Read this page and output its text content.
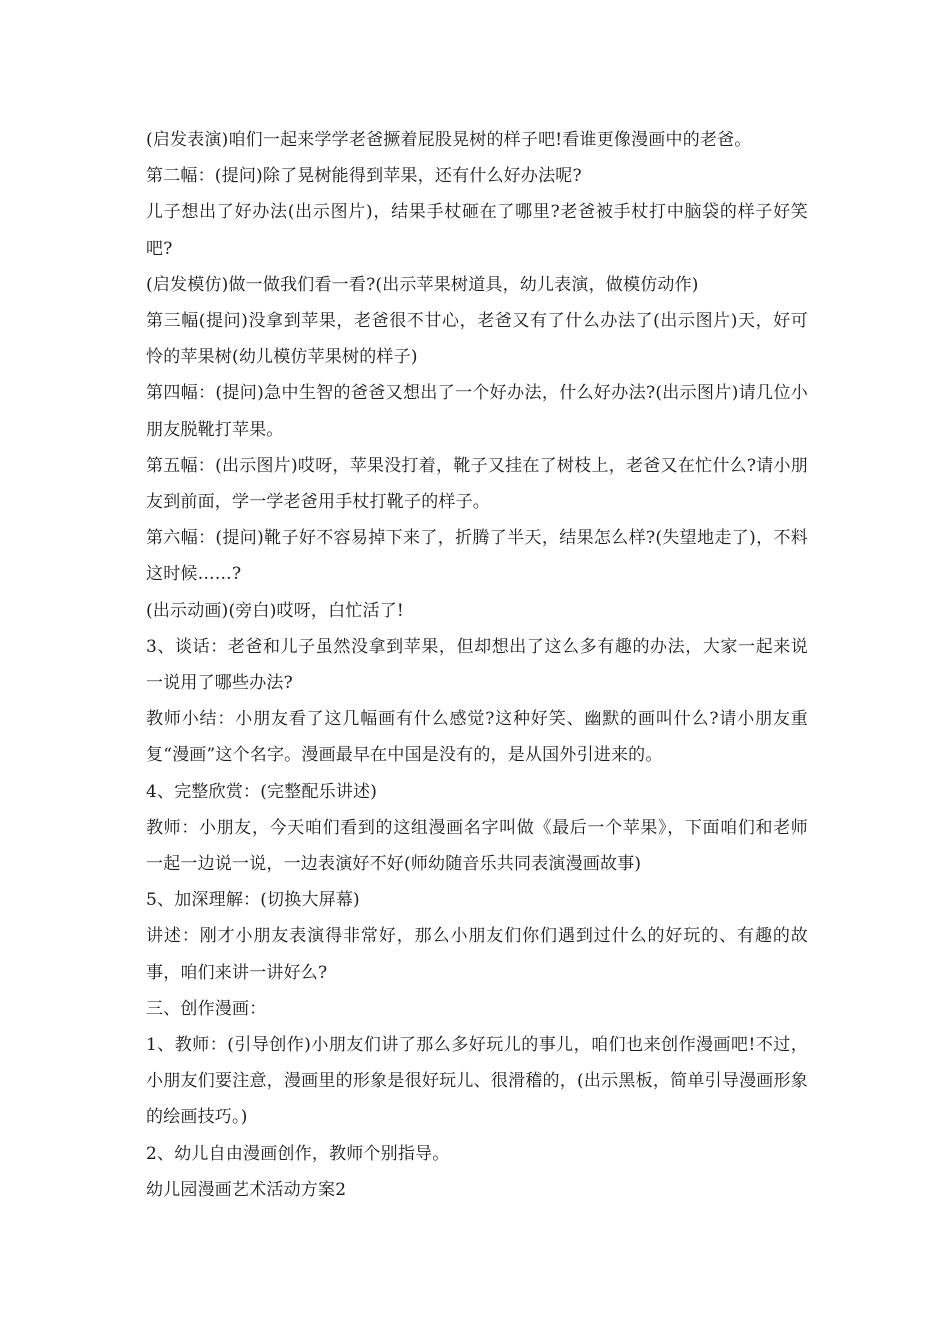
(启发表演)咱们一起来学学老爸撅着屁股晃树的样子吧!看谁更像漫画中的老爸。

第二幅：(提问)除了晃树能得到苹果，还有什么好办法呢?

儿子想出了好办法(出示图片)，结果手杖砸在了哪里?老爸被手杖打中脑袋的样子好笑吧?

(启发模仿)做一做我们看一看?(出示苹果树道具，幼儿表演，做模仿动作)

第三幅(提问)没拿到苹果，老爸很不甘心，老爸又有了什么办法了(出示图片)天，好可怜的苹果树(幼儿模仿苹果树的样子)

第四幅：(提问)急中生智的爸爸又想出了一个好办法，什么好办法?(出示图片)请几位小朋友脱靴打苹果。

第五幅：(出示图片)哎呀，苹果没打着，靴子又挂在了树枝上，老爸又在忙什么?请小朋友到前面，学一学老爸用手杖打靴子的样子。

第六幅：(提问)靴子好不容易掉下来了，折腾了半天，结果怎么样?(失望地走了)，不料这时候……?

(出示动画)(旁白)哎呀，白忙活了!

3、谈话：老爸和儿子虽然没拿到苹果，但却想出了这么多有趣的办法，大家一起来说一说用了哪些办法?

教师小结：小朋友看了这几幅画有什么感觉?这种好笑、幽默的画叫什么?请小朋友重复“漫画”这个名字。漫画最早在中国是没有的，是从国外引进来的。

4、完整欣赏：(完整配乐讲述)

教师：小朋友，今天咱们看到的这组漫画名字叫做《最后一个苹果》，下面咱们和老师一起一边说一说，一边表演好不好(师幼随音乐共同表演漫画故事)

5、加深理解：(切换大屏幕)

讲述：刚才小朋友表演得非常好，那么小朋友们你们遇到过什么的好玩的、有趣的故事，咱们来讲一讲好么?

三、创作漫画：

1、教师：(引导创作)小朋友们讲了那么多好玩儿的事儿，咱们也来创作漫画吧!不过，小朋友们要注意，漫画里的形象是很好玩儿、很滑稽的，(出示黑板，简单引导漫画形象的绘画技巧。)

2、幼儿自由漫画创作，教师个别指导。

幼儿园漫画艺术活动方案2
